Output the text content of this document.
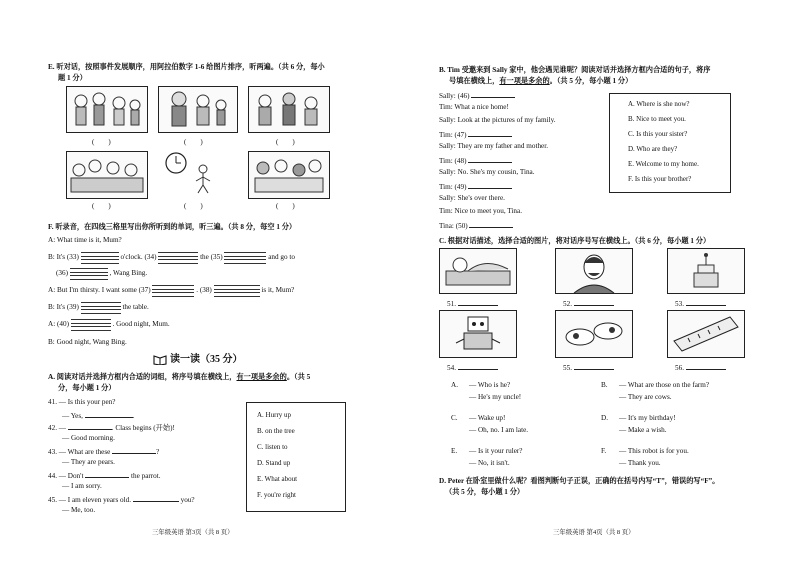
E. 听对话，按照事件发展顺序，用阿拉伯数字 1-6 给图片排序，听两遍。（共 6 分，每小
题 1 分）
(　　)	(　　)	(　　)
(　　)	(　　)	(　　)
F. 听录音，在四线三格里写出你所听到的单词，听三遍。（共 8 分，每空 1 分）
A: What time is it, Mum?
B: It's (33)	o'clock. (34)	the (35)	and go to
(36)	, Wang Bing.
A: But I'm thirsty. I want some (37)	. (38)	is it, Mum?
B: It's (39)	the table.
A: (40)	. Good night, Mum.
B: Good night, Wang Bing.
读一读（35 分）
A. 阅读对话并选择方框内合适的词组，将序号填在横线上，有一项是多余的。（共 5
分，每小题 1 分）
41. — Is this your pen?
— Yes,	.
42. —	. Class begins (开始)!
— Good morning.
43. — What are these	?
— They are pears.
44. — Don't	the parrot.
— I am sorry.
45. — I am eleven years old.	you?
— Me, too.
A. Hurry up
B. on the tree
C. listen to
D. Stand up
E. What about
F. you're right
三年级英语 第3页（共 8 页）
B. Tim 受邀来到 Sally 家中，他会遇见谁呢？阅读对话并选择方框内合适的句子，将序
号填在横线上，有一项是多余的。（共 5 分，每小题 1 分）
Sally: (46)
Tim: What a nice home!
Sally: Look at the pictures of my family.
Tim: (47)
Sally: They are my father and mother.
Tim: (48)
Sally: No. She's my cousin, Tina.
Tim: (49)
Sally: She's over there.
Tim: Nice to meet you, Tina.
Tina: (50)
A. Where is she now?
B. Nice to meet you.
C. Is this your sister?
D. Who are they?
E. Welcome to my home.
F. Is this your brother?
C. 根据对话描述，选择合适的图片，将对话序号写在横线上。（共 6 分，每小题 1 分）
51.	52.	53.
54.	55.	56.
A. — Who is he?
— He's my uncle!
B. — What are those on the farm?
— They are cows.
C. — Wake up!
— Oh, no. I am late.
D. — It's my birthday!
— Make a wish.
E. — Is it your ruler?
— No, it isn't.
F. — This robot is for you.
— Thank you.
D. Peter 在卧室里做什么呢？看图判断句子正误，正确的在括号内写“T”，错误的写“F”。
（共 5 分，每小题 1 分）
三年级英语 第4页（共 8 页）
